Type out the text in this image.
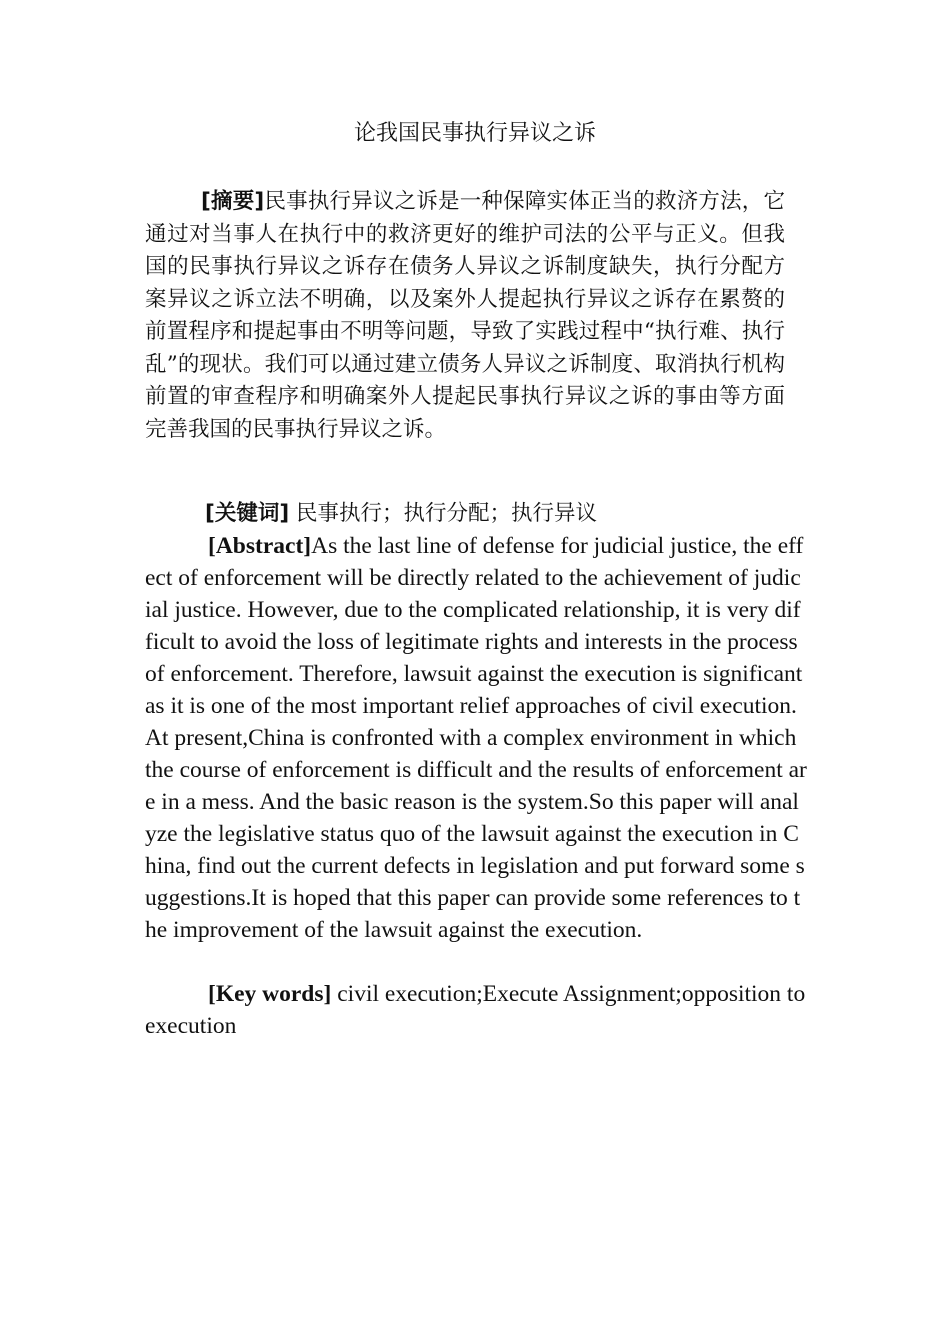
论我国民事执行异议之诉

[摘要]民事执行异议之诉是一种保障实体正当的救济方法，它通过对当事人在执行中的救济更好的维护司法的公平与正义。但我国的民事执行异议之诉存在债务人异议之诉制度缺失，执行分配方案异议之诉立法不明确，以及案外人提起执行异议之诉存在累赘的前置程序和提起事由不明等问题，导致了实践过程中“执行难、执行乱”的现状。我们可以通过建立债务人异议之诉制度、取消执行机构前置的审查程序和明确案外人提起民事执行异议之诉的事由等方面完善我国的民事执行异议之诉。

[关键词] 民事执行；执行分配；执行异议

[Abstract]As the last line of defense for judicial justice, the effect of enforcement will be directly related to the achievement of judicial justice. However, due to the complicated relationship, it is very difficult to avoid the loss of legitimate rights and interests in the process of enforcement. Therefore, lawsuit against the execution is significant as it is one of the most important relief approaches of civil execution. At present,China is confronted with a complex environment in which the course of enforcement is difficult and the results of enforcement are in a mess. And the basic reason is the system.So this paper will analyze the legislative status quo of the lawsuit against the execution in China, find out the current defects in legislation and put forward some suggestions.It is hoped that this paper can provide some references to the improvement of the lawsuit against the execution.

[Key words] civil execution;Execute Assignment;opposition to execution
